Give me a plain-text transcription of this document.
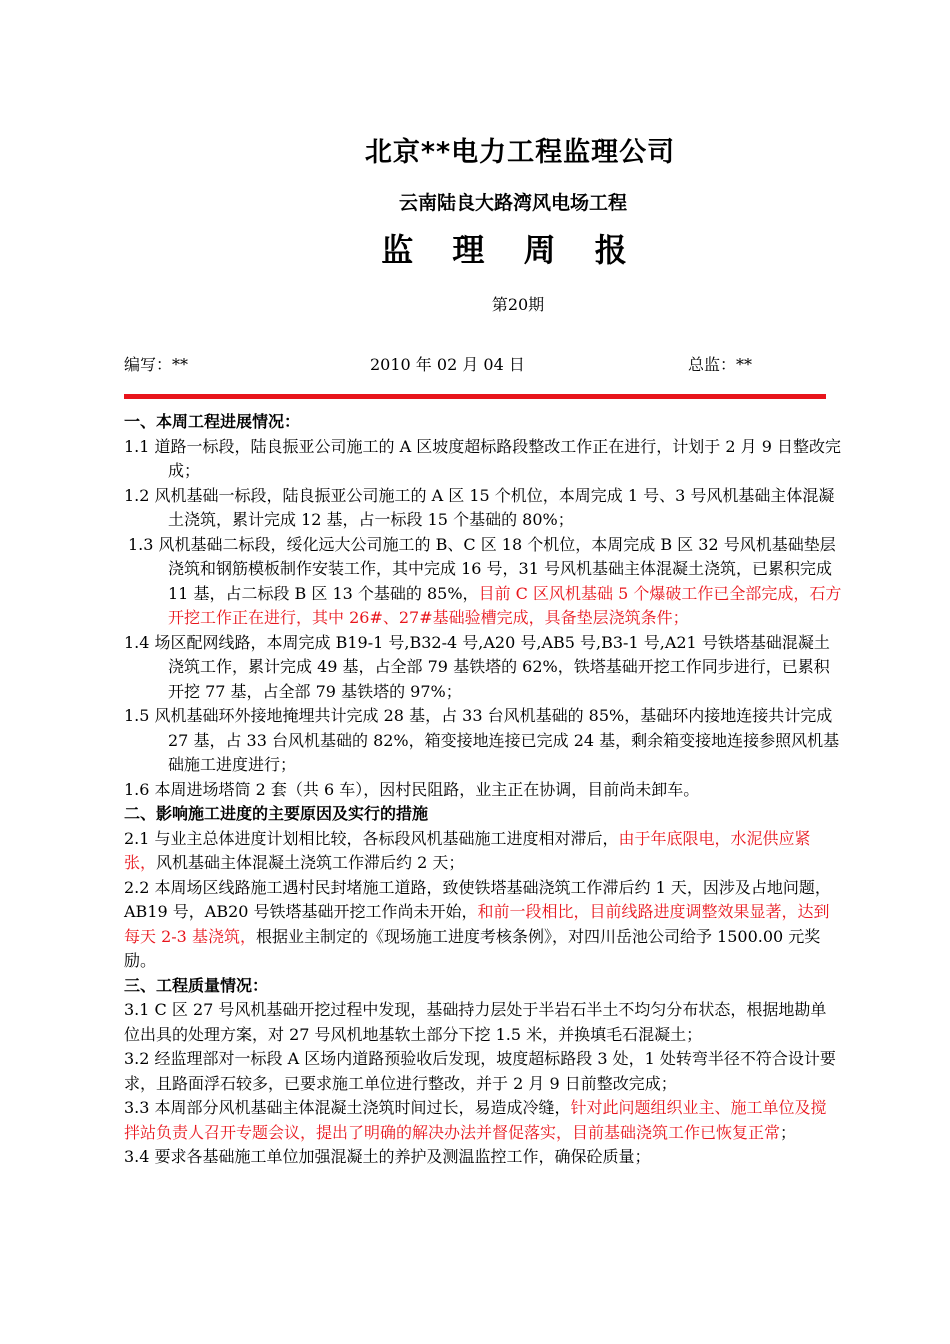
北京**电力工程监理公司
云南陆良大路湾风电场工程
监 理 周 报
第20期
编写：**	2010 年 02 月 04 日	总监：**
一、本周工程进展情况：

1.1 道路一标段，陆良振亚公司施工的 A 区坡度超标路段整改工作正在进行，计划于 2 月 9 日整改完成；

1.2 风机基础一标段，陆良振亚公司施工的 A 区 15 个机位，本周完成 1 号、3 号风机基础主体混凝土浇筑，累计完成 12 基，占一标段 15 个基础的 80%；

1.3 风机基础二标段，绥化远大公司施工的 B、C 区 18 个机位，本周完成 B 区 32 号风机基础垫层浇筑和钢筋模板制作安装工作，其中完成 16 号，31 号风机基础主体混凝土浇筑，已累积完成 11 基，占二标段 B 区 13 个基础的 85%，目前 C 区风机基础 5 个爆破工作已全部完成，石方开挖工作正在进行，其中 26#、27#基础验槽完成，具备垫层浇筑条件；

1.4 场区配网线路，本周完成 B19-1 号,B32-4 号,A20 号,AB5 号,B3-1 号,A21 号铁塔基础混凝土浇筑工作，累计完成 49 基，占全部 79 基铁塔的 62%，铁塔基础开挖工作同步进行，已累积开挖 77 基，占全部 79 基铁塔的 97%；

1.5 风机基础环外接地掩埋共计完成 28 基，占 33 台风机基础的 85%，基础环内接地连接共计完成 27 基，占 33 台风机基础的 82%，箱变接地连接已完成 24 基，剩余箱变接地连接参照风机基础施工进度进行；

1.6 本周进场塔筒 2 套（共 6 车），因村民阻路，业主正在协调，目前尚未卸车。

二、影响施工进度的主要原因及实行的措施

2.1 与业主总体进度计划相比较，各标段风机基础施工进度相对滞后，由于年底限电，水泥供应紧张，风机基础主体混凝土浇筑工作滞后约 2 天；

2.2 本周场区线路施工遇村民封堵施工道路，致使铁塔基础浇筑工作滞后约 1 天，因涉及占地问题，AB19 号，AB20 号铁塔基础开挖工作尚未开始，和前一段相比，目前线路进度调整效果显著，达到每天 2-3 基浇筑，根据业主制定的《现场施工进度考核条例》，对四川岳池公司给予 1500.00 元奖励。

三、工程质量情况：

3.1 C 区 27 号风机基础开挖过程中发现，基础持力层处于半岩石半土不均匀分布状态，根据地勘单位出具的处理方案，对 27 号风机地基软土部分下挖 1.5 米，并换填毛石混凝土；

3.2 经监理部对一标段 A 区场内道路预验收后发现，坡度超标路段 3 处，1 处转弯半径不符合设计要求，且路面浮石较多，已要求施工单位进行整改，并于 2 月 9 日前整改完成；

3.3 本周部分风机基础主体混凝土浇筑时间过长，易造成冷缝，针对此问题组织业主、施工单位及搅拌站负责人召开专题会议，提出了明确的解决办法并督促落实，目前基础浇筑工作已恢复正常；

3.4 要求各基础施工单位加强混凝土的养护及测温监控工作，确保砼质量；
